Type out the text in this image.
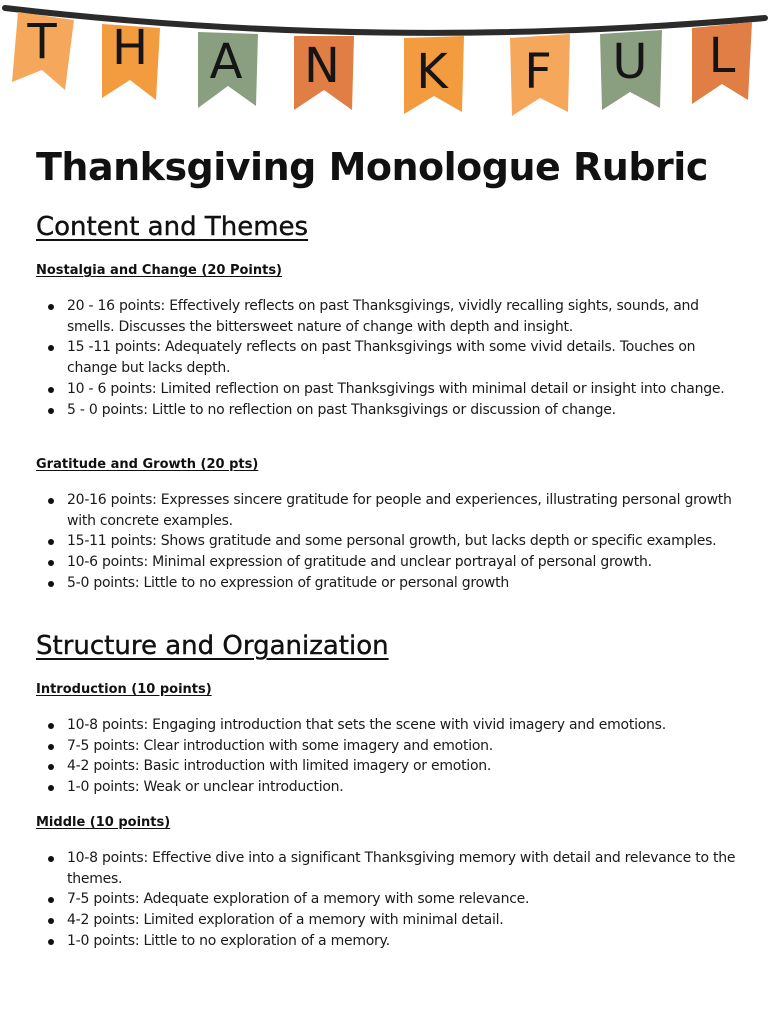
T H A N K F U L
Thanksgiving Monologue Rubric
Content and Themes
Nostalgia and Change (20 Points)
20 - 16 points: Effectively reflects on past Thanksgivings, vividly recalling sights, sounds, and smells. Discusses the bittersweet nature of change with depth and insight.
15 -11 points: Adequately reflects on past Thanksgivings with some vivid details. Touches on change but lacks depth.
10 - 6 points: Limited reflection on past Thanksgivings with minimal detail or insight into change.
5 - 0 points: Little to no reflection on past Thanksgivings or discussion of change.
Gratitude and Growth (20 pts)
20-16 points: Expresses sincere gratitude for people and experiences, illustrating personal growth with concrete examples.
15-11 points: Shows gratitude and some personal growth, but lacks depth or specific examples.
10-6 points: Minimal expression of gratitude and unclear portrayal of personal growth.
5-0 points: Little to no expression of gratitude or personal growth
Structure and Organization
Introduction (10 points)
10-8 points: Engaging introduction that sets the scene with vivid imagery and emotions.
7-5 points: Clear introduction with some imagery and emotion.
4-2 points: Basic introduction with limited imagery or emotion.
1-0 points: Weak or unclear introduction.
Middle (10 points)
10-8 points: Effective dive into a significant Thanksgiving memory with detail and relevance to the themes.
7-5 points: Adequate exploration of a memory with some relevance.
4-2 points: Limited exploration of a memory with minimal detail.
1-0 points: Little to no exploration of a memory.
